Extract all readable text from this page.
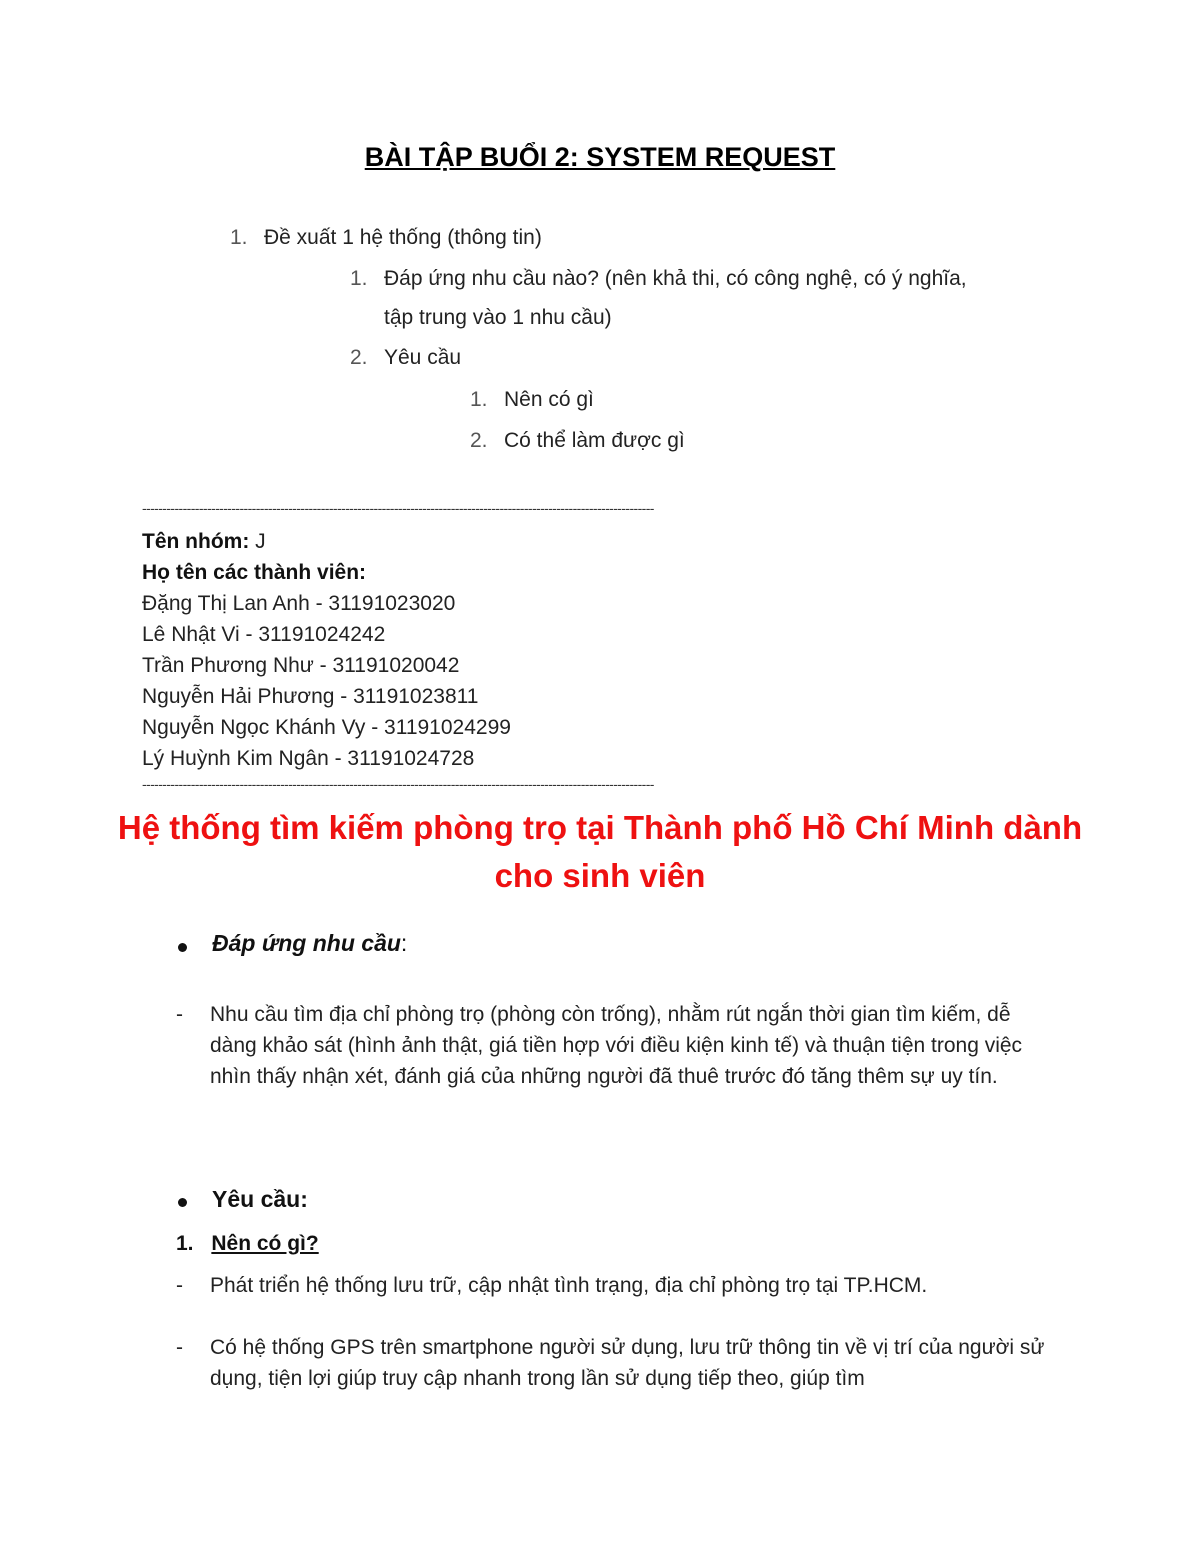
BÀI TẬP BUỔI 2: SYSTEM REQUEST
1. Đề xuất 1 hệ thống (thông tin)
1. Đáp ứng nhu cầu nào? (nên khả thi, có công nghệ, có ý nghĩa,
tập trung vào 1 nhu cầu)
2. Yêu cầu
1. Nên có gì
2. Có thể làm được gì
------------------------------------------------------------------------------------------------------------------------------
Tên nhóm: J
Họ tên các thành viên:
Đặng Thị Lan Anh - 31191023020
Lê Nhật Vi - 31191024242
Trần Phương Như - 31191020042
Nguyễn Hải Phương - 31191023811
Nguyễn Ngọc Khánh Vy - 31191024299
Lý Huỳnh Kim Ngân - 31191024728
------------------------------------------------------------------------------------------------------------------------------
Hệ thống tìm kiếm phòng trọ tại Thành phố Hồ Chí Minh dành cho sinh viên
Đáp ứng nhu cầu:
- Nhu cầu tìm địa chỉ phòng trọ (phòng còn trống), nhằm rút ngắn thời gian tìm kiếm, dễ dàng khảo sát (hình ảnh thật, giá tiền hợp với điều kiện kinh tế) và thuận tiện trong việc nhìn thấy nhận xét, đánh giá của những người đã thuê trước đó tăng thêm sự uy tín.
Yêu cầu:
1. Nên có gì?
- Phát triển hệ thống lưu trữ, cập nhật tình trạng, địa chỉ phòng trọ tại TP.HCM.
- Có hệ thống GPS trên smartphone người sử dụng, lưu trữ thông tin về vị trí của người sử dụng, tiện lợi giúp truy cập nhanh trong lần sử dụng tiếp theo, giúp tìm
